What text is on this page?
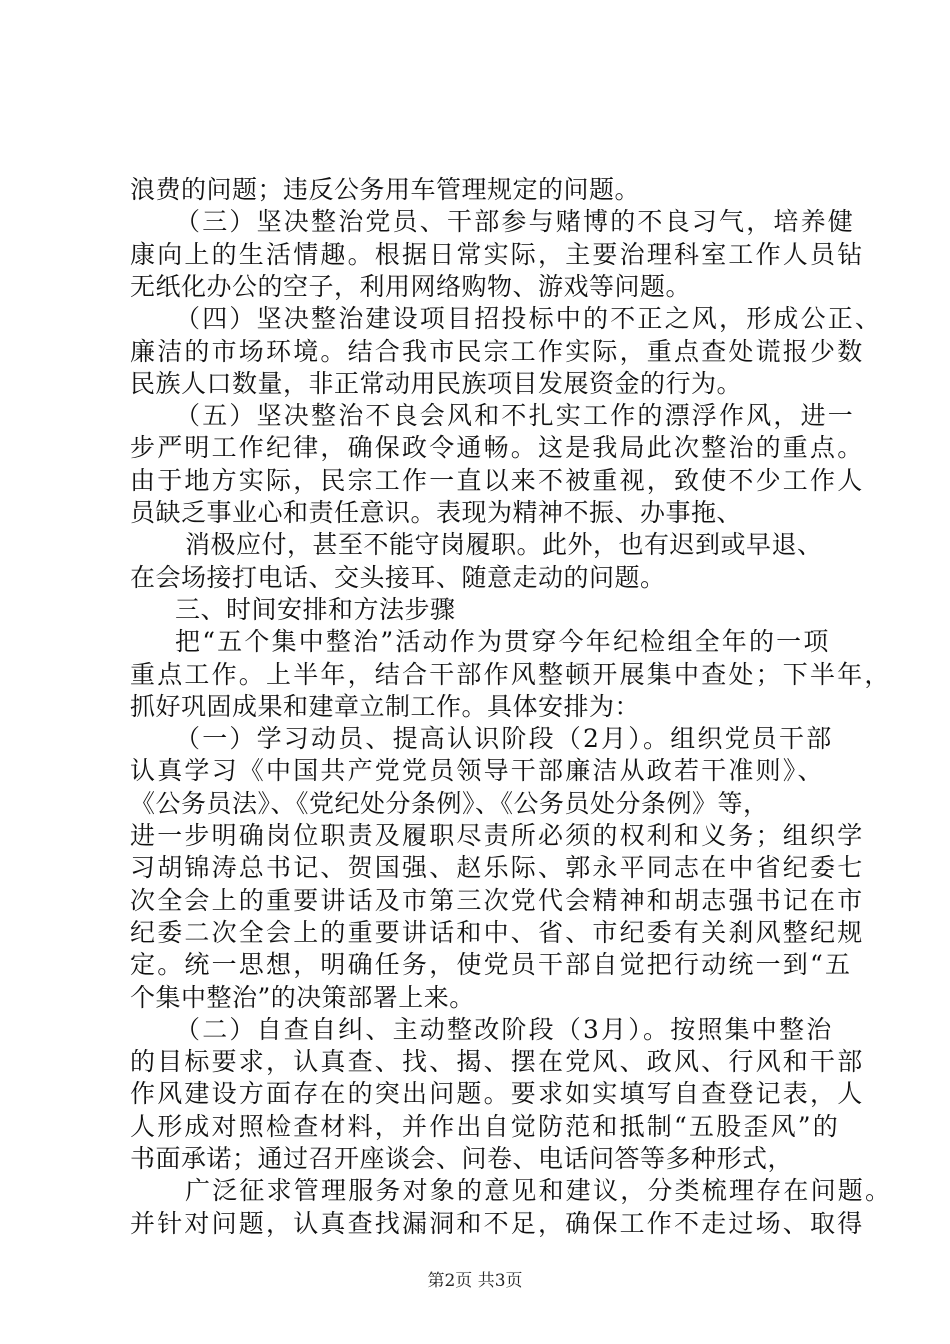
浪费的问题；违反公务用车管理规定的问题。
（三）坚决整治党员、干部参与赌博的不良习气，培养健
康向上的生活情趣。根据日常实际，主要治理科室工作人员钻
无纸化办公的空子，利用网络购物、游戏等问题。
（四）坚决整治建设项目招投标中的不正之风，形成公正、
廉洁的市场环境。结合我市民宗工作实际，重点查处谎报少数
民族人口数量，非正常动用民族项目发展资金的行为。
（五）坚决整治不良会风和不扎实工作的漂浮作风，进一
步严明工作纪律，确保政令通畅。这是我局此次整治的重点。
由于地方实际，民宗工作一直以来不被重视，致使不少工作人
员缺乏事业心和责任意识。表现为精神不振、办事拖、
消极应付，甚至不能守岗履职。此外，也有迟到或早退、
在会场接打电话、交头接耳、随意走动的问题。
三、时间安排和方法步骤
把“五个集中整治”活动作为贯穿今年纪检组全年的一项
重点工作。上半年，结合干部作风整顿开展集中查处；下半年，
抓好巩固成果和建章立制工作。具体安排为：
（一）学习动员、提高认识阶段（2月）。组织党员干部
认真学习《中国共产党党员领导干部廉洁从政若干准则》、
《公务员法》、《党纪处分条例》、《公务员处分条例》等，
进一步明确岗位职责及履职尽责所必须的权利和义务；组织学
习胡锦涛总书记、贺国强、赵乐际、郭永平同志在中省纪委七
次全会上的重要讲话及市第三次党代会精神和胡志强书记在市
纪委二次全会上的重要讲话和中、省、市纪委有关刹风整纪规
定。统一思想，明确任务，使党员干部自觉把行动统一到“五
个集中整治”的决策部署上来。
（二）自查自纠、主动整改阶段（3月）。按照集中整治
的目标要求，认真查、找、揭、摆在党风、政风、行风和干部
作风建设方面存在的突出问题。要求如实填写自查登记表，人
人形成对照检查材料，并作出自觉防范和抵制“五股歪风”的
书面承诺；通过召开座谈会、问卷、电话问答等多种形式，
广泛征求管理服务对象的意见和建议，分类梳理存在问题。
并针对问题，认真查找漏洞和不足，确保工作不走过场、取得
第2页 共3页
